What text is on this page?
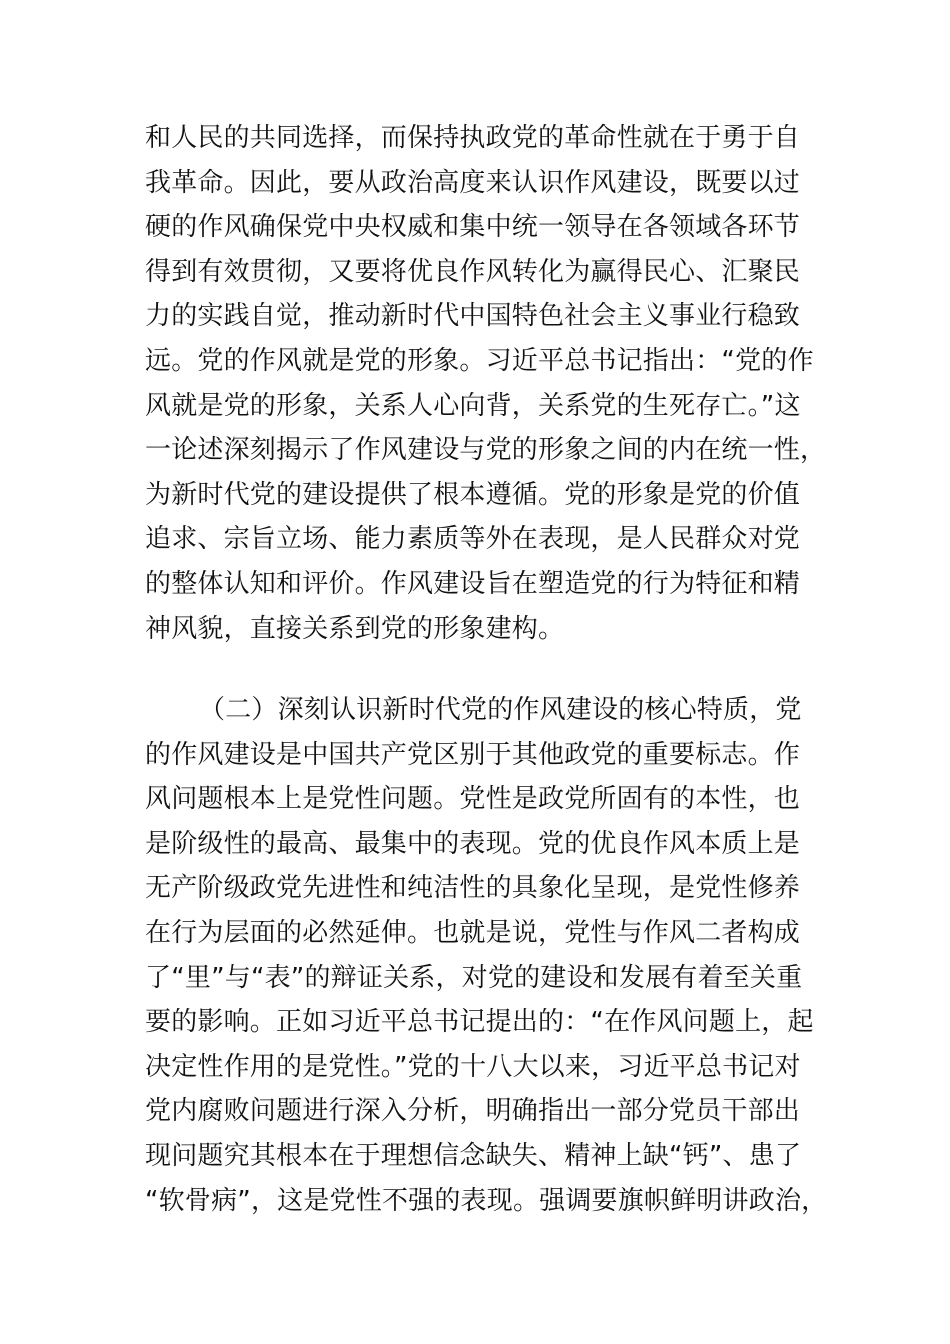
和人民的共同选择，而保持执政党的革命性就在于勇于自
我革命。因此，要从政治高度来认识作风建设，既要以过
硬的作风确保党中央权威和集中统一领导在各领域各环节
得到有效贯彻，又要将优良作风转化为赢得民心、汇聚民
力的实践自觉，推动新时代中国特色社会主义事业行稳致
远。党的作风就是党的形象。习近平总书记指出：“党的作
风就是党的形象，关系人心向背，关系党的生死存亡。”这
一论述深刻揭示了作风建设与党的形象之间的内在统一性，
为新时代党的建设提供了根本遵循。党的形象是党的价值
追求、宗旨立场、能力素质等外在表现，是人民群众对党
的整体认知和评价。作风建设旨在塑造党的行为特征和精
神风貌，直接关系到党的形象建构。
（二）深刻认识新时代党的作风建设的核心特质，党
的作风建设是中国共产党区别于其他政党的重要标志。作
风问题根本上是党性问题。党性是政党所固有的本性，也
是阶级性的最高、最集中的表现。党的优良作风本质上是
无产阶级政党先进性和纯洁性的具象化呈现，是党性修养
在行为层面的必然延伸。也就是说，党性与作风二者构成
了“里”与“表”的辩证关系，对党的建设和发展有着至关重
要的影响。正如习近平总书记提出的：“在作风问题上，起
决定性作用的是党性。”党的十八大以来，习近平总书记对
党内腐败问题进行深入分析，明确指出一部分党员干部出
现问题究其根本在于理想信念缺失、精神上缺“钙”、患了
“软骨病”，这是党性不强的表现。强调要旗帜鲜明讲政治，
